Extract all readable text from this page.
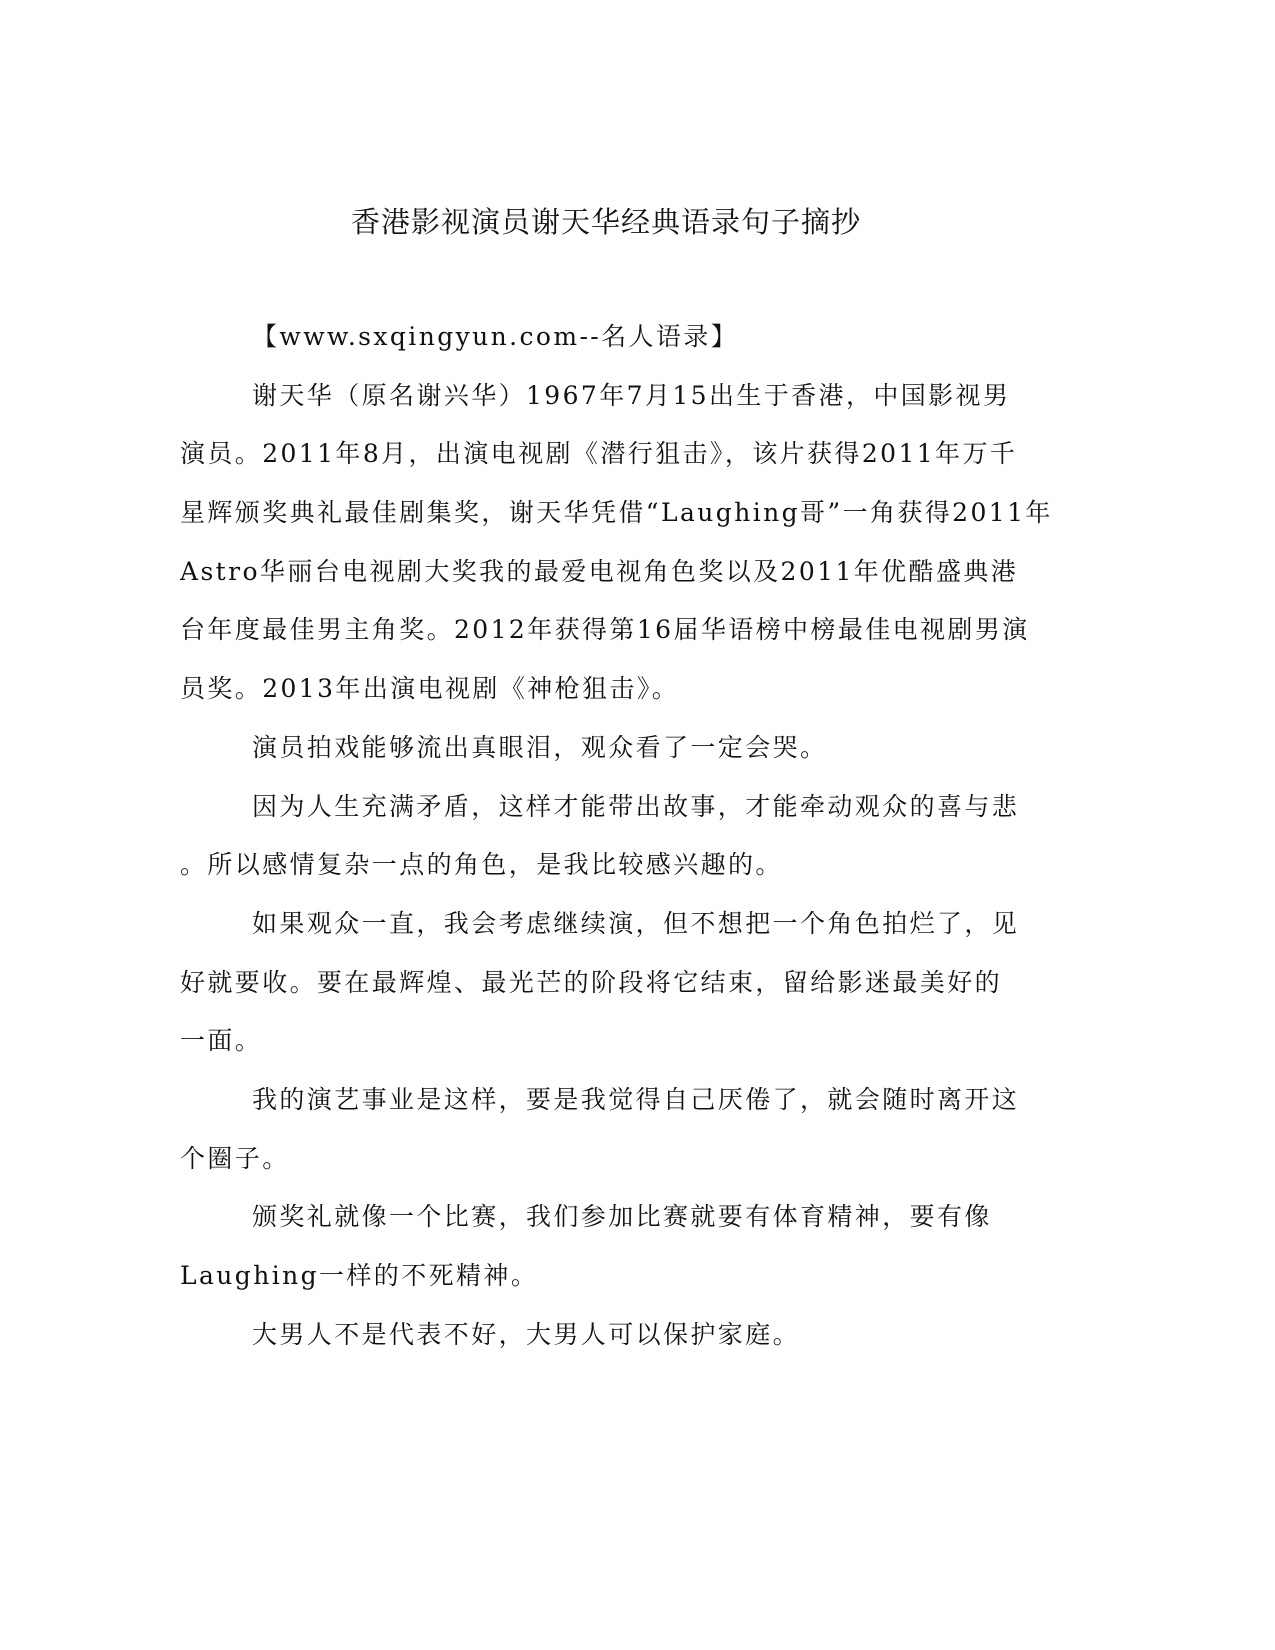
香港影视演员谢天华经典语录句子摘抄
【www.sxqingyun.com--名人语录】
谢天华（原名谢兴华）1967年7月15出生于香港，中国影视男
演员。2011年8月，出演电视剧《潜行狙击》，该片获得2011年万千
星辉颁奖典礼最佳剧集奖，谢天华凭借“Laughing哥”一角获得2011年
Astro华丽台电视剧大奖我的最爱电视角色奖以及2011年优酷盛典港
台年度最佳男主角奖。2012年获得第16届华语榜中榜最佳电视剧男演
员奖。2013年出演电视剧《神枪狙击》。
演员拍戏能够流出真眼泪，观众看了一定会哭。
因为人生充满矛盾，这样才能带出故事，才能牵动观众的喜与悲
。所以感情复杂一点的角色，是我比较感兴趣的。
如果观众一直，我会考虑继续演，但不想把一个角色拍烂了，见
好就要收。要在最辉煌、最光芒的阶段将它结束，留给影迷最美好的
一面。
我的演艺事业是这样，要是我觉得自己厌倦了，就会随时离开这
个圈子。
颁奖礼就像一个比赛，我们参加比赛就要有体育精神，要有像
Laughing一样的不死精神。
大男人不是代表不好，大男人可以保护家庭。
